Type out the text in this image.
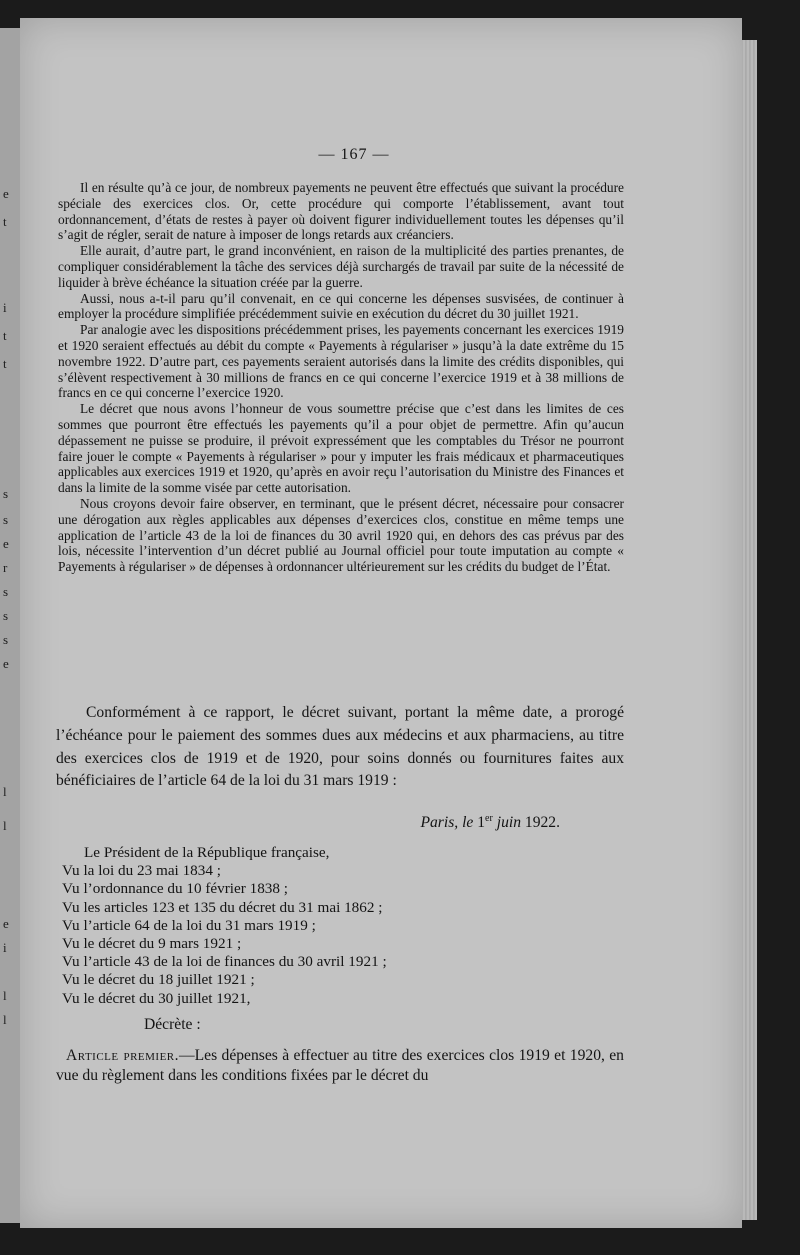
e
t
i
t
t
s
s
e
r
s
s
s
e
l
l
e
i
l
l
— 167 —

Il en résulte qu’à ce jour, de nombreux payements ne peuvent être effectués que suivant la procédure spéciale des exercices clos. Or, cette procédure qui comporte l’établissement, avant tout ordonnancement, d’états de restes à payer où doivent figurer individuellement toutes les dépenses qu’il s’agit de régler, serait de nature à imposer de longs retards aux créanciers.

Elle aurait, d’autre part, le grand inconvénient, en raison de la multiplicité des parties prenantes, de compliquer considérablement la tâche des services déjà surchargés de travail par suite de la nécessité de liquider à brève échéance la situation créée par la guerre.

Aussi, nous a-t-il paru qu’il convenait, en ce qui concerne les dépenses susvisées, de continuer à employer la procédure simplifiée précédemment suivie en exécution du décret du 30 juillet 1921.

Par analogie avec les dispositions précédemment prises, les payements concernant les exercices 1919 et 1920 seraient effectués au débit du compte « Payements à régulariser » jusqu’à la date extrême du 15 novembre 1922. D’autre part, ces payements seraient autorisés dans la limite des crédits disponibles, qui s’élèvent respectivement à 30 millions de francs en ce qui concerne l’exercice 1919 et à 38 millions de francs en ce qui concerne l’exercice 1920.

Le décret que nous avons l’honneur de vous soumettre précise que c’est dans les limites de ces sommes que pourront être effectués les payements qu’il a pour objet de permettre. Afin qu’aucun dépassement ne puisse se produire, il prévoit expressément que les comptables du Trésor ne pourront faire jouer le compte « Payements à régulariser » pour y imputer les frais médicaux et pharmaceutiques applicables aux exercices 1919 et 1920, qu’après en avoir reçu l’autorisation du Ministre des Finances et dans la limite de la somme visée par cette autorisation.

Nous croyons devoir faire observer, en terminant, que le présent décret, nécessaire pour consacrer une dérogation aux règles applicables aux dépenses d’exercices clos, constitue en même temps une application de l’article 43 de la loi de finances du 30 avril 1920 qui, en dehors des cas prévus par des lois, nécessite l’intervention d’un décret publié au Journal officiel pour toute imputation au compte « Payements à régulariser » de dépenses à ordonnancer ultérieurement sur les crédits du budget de l’État.

Conformément à ce rapport, le décret suivant, portant la même date, a prorogé l’échéance pour le paiement des sommes dues aux médecins et aux pharmaciens, au titre des exercices clos de 1919 et de 1920, pour soins donnés ou fournitures faites aux bénéficiaires de l’article 64 de la loi du 31 mars 1919 :

Paris, le 1er juin 1922.
Le Président de la République française,
Vu la loi du 23 mai 1834 ;
Vu l’ordonnance du 10 février 1838 ;
Vu les articles 123 et 135 du décret du 31 mai 1862 ;
Vu l’article 64 de la loi du 31 mars 1919 ;
Vu le décret du 9 mars 1921 ;
Vu l’article 43 de la loi de finances du 30 avril 1921 ;
Vu le décret du 18 juillet 1921 ;
Vu le décret du 30 juillet 1921,
Décrète :

Article premier.—Les dépenses à effectuer au titre des exercices clos 1919 et 1920, en vue du règlement dans les conditions fixées par le décret du
